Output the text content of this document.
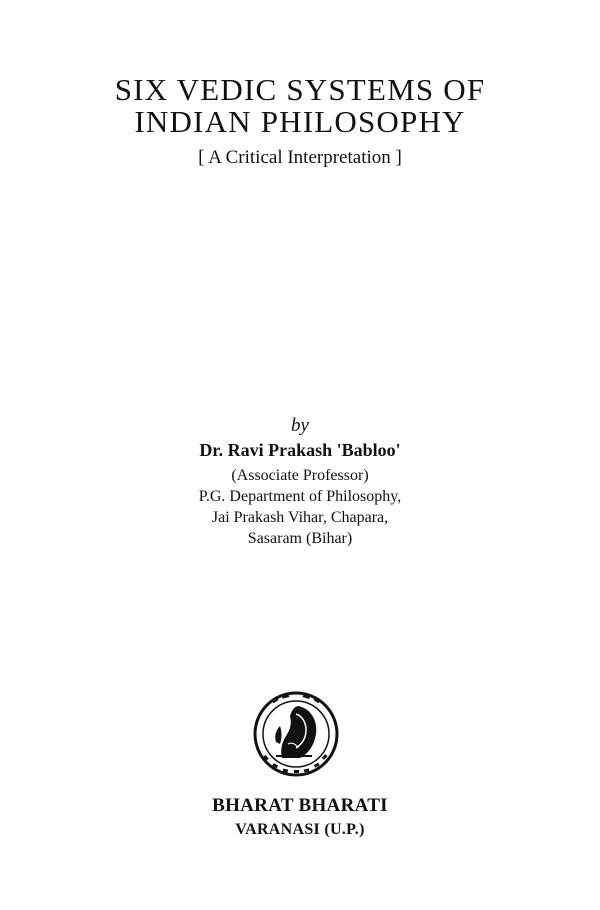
SIX VEDIC SYSTEMS OF
INDIAN PHILOSOPHY
[ A Critical Interpretation ]
by
Dr. Ravi Prakash 'Babloo'
(Associate Professor)
P.G. Department of Philosophy,
Jai Prakash Vihar, Chapara,
Sasaram (Bihar)
BHARAT BHARATI
VARANASI (U.P.)
